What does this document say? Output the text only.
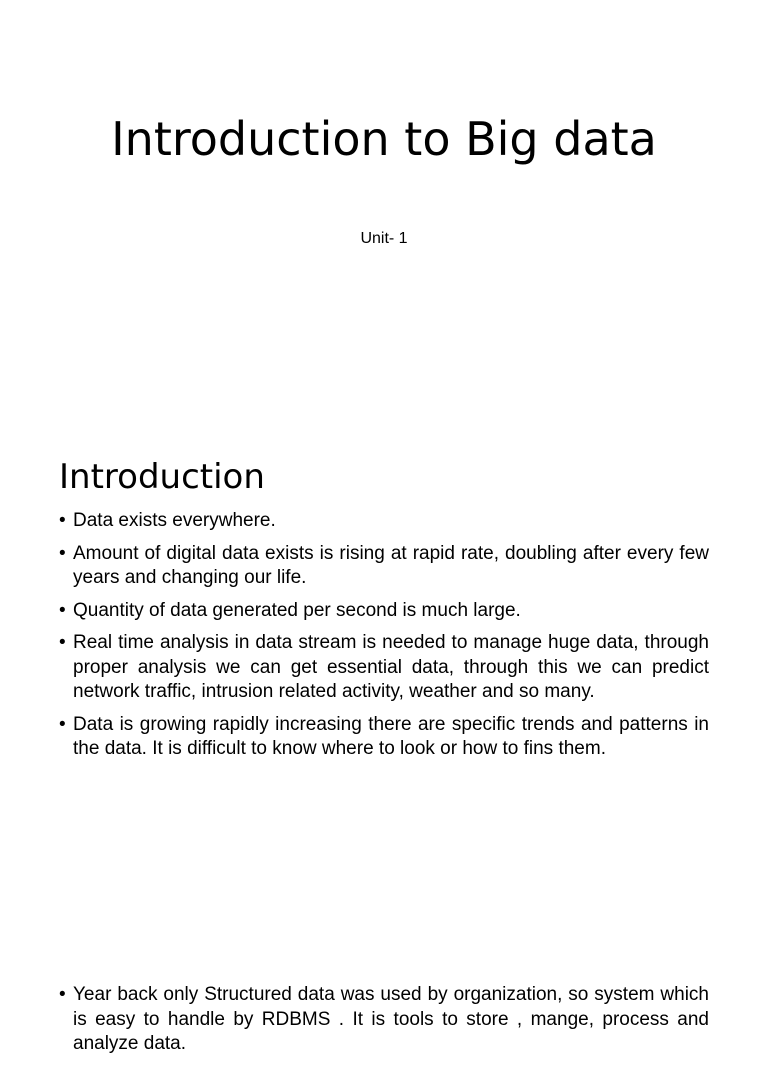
Introduction to Big data

Unit- 1

Introduction
• Data exists everywhere.
• Amount of digital data exists is rising at rapid rate, doubling after every few years and changing our life.
• Quantity of data generated per second is much large.
• Real time analysis in data stream is needed to manage huge data, through proper analysis we can get essential data, through this we can predict network traffic, intrusion related activity, weather and so many.
• Data is growing rapidly increasing there are specific trends and patterns in the data. It is difficult to know where to look or how to fins them.
• Year back only Structured data was used by organization, so system which is easy to handle by RDBMS . It is tools to store , mange, process and analyze data.
